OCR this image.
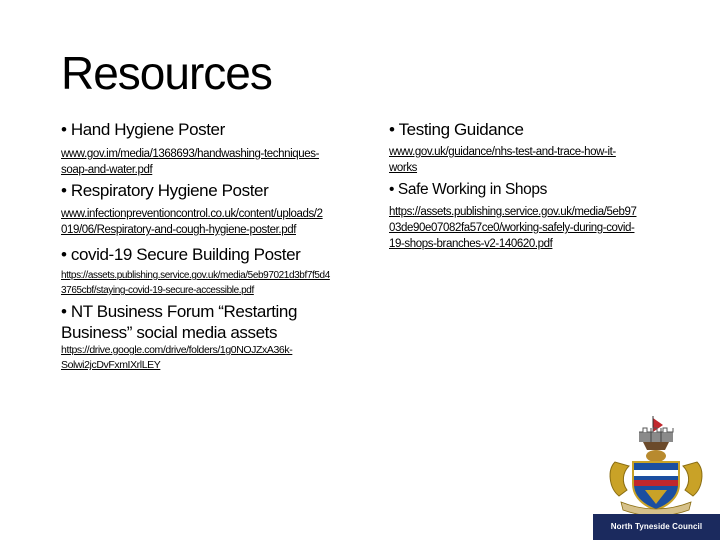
Resources
• Hand Hygiene Poster
www.gov.im/media/1368693/handwashing-techniques-
soap-and-water.pdf
• Respiratory Hygiene Poster
www.infectionpreventioncontrol.co.uk/content/uploads/2
019/06/Respiratory-and-cough-hygiene-poster.pdf
• covid-19 Secure Building Poster
https://assets.publishing.service.gov.uk/media/5eb97021d3bf7f5d4
3765cbf/staying-covid-19-secure-accessible.pdf
• NT Business Forum “Restarting
Business” social media assets
https://drive.google.com/drive/folders/1g0NOJZxA36k-
Solwi2jcDvFxmIXrlLEY
• Testing Guidance
www.gov.uk/guidance/nhs-test-and-trace-how-it-
works
• Safe Working in Shops
https://assets.publishing.service.gov.uk/media/5eb97
03de90e07082fa57ce0/working-safely-during-covid-
19-shops-branches-v2-140620.pdf
North Tyneside Council
